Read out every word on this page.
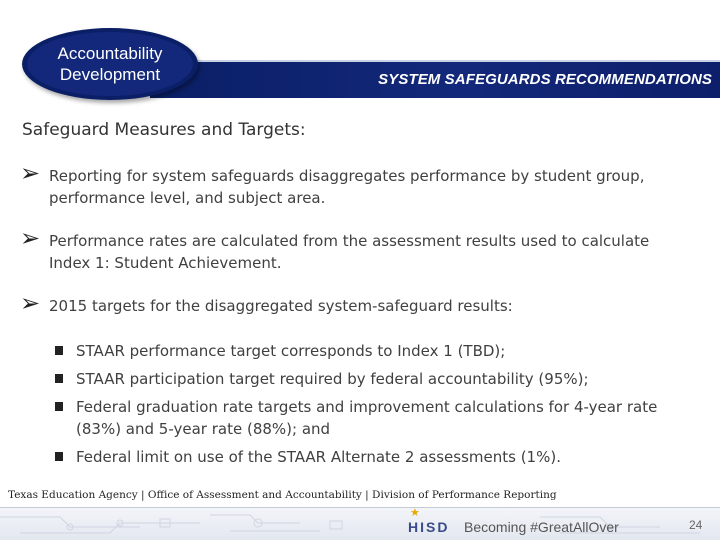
SYSTEM SAFEGUARDS RECOMMENDATIONS
Accountability
Development
Safeguard Measures and Targets:
➢ Reporting for system safeguards disaggregates performance by student group, performance level, and subject area.
➢ Performance rates are calculated from the assessment results used to calculate Index 1: Student Achievement.
➢ 2015 targets for the disaggregated system-safeguard results:
STAAR performance target corresponds to Index 1 (TBD);
STAAR participation target required by federal accountability (95%);
Federal graduation rate targets and improvement calculations for 4-year rate (83%) and 5-year rate (88%); and
Federal limit on use of the STAAR Alternate 2 assessments (1%).
Texas Education Agency | Office of Assessment and Accountability | Division of Performance Reporting
★
HISD Becoming #GreatAllOver	24
